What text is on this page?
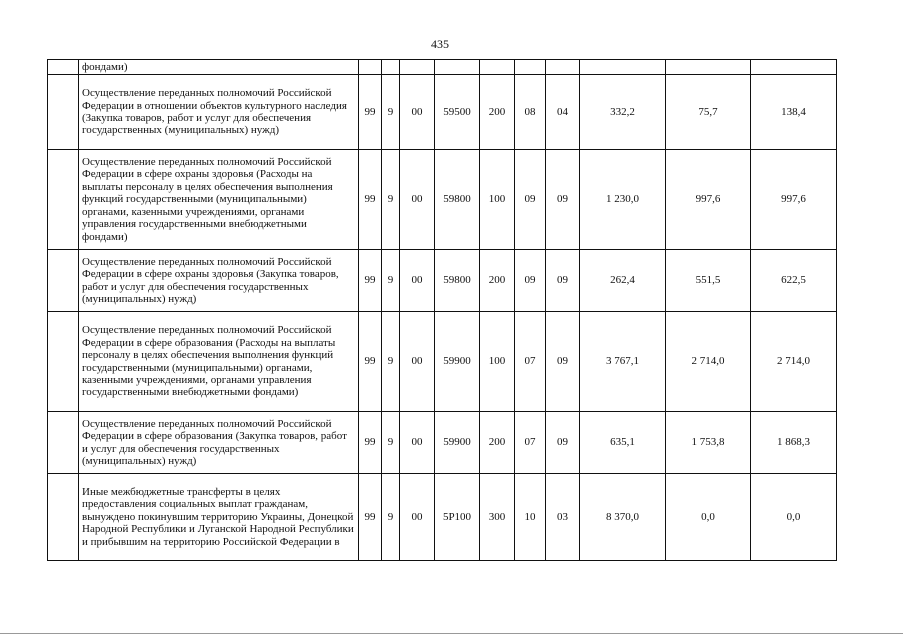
435
	фондами)										
	Осуществление переданных полномочий Российской Федерации в отношении объектов культурного наследия (Закупка товаров, работ и услуг для обеспечения государственных (муниципальных) нужд)	99	9	00	59500	200	08	04	332,2	75,7	138,4
	Осуществление переданных полномочий Российской Федерации в сфере охраны здоровья (Расходы на выплаты персоналу в целях обеспечения выполнения функций государственными (муниципальными) органами, казенными учреждениями, органами управления государственными внебюджетными фондами)	99	9	00	59800	100	09	09	1 230,0	997,6	997,6
	Осуществление переданных полномочий Российской Федерации в сфере охраны здоровья (Закупка товаров, работ и услуг для обеспечения государственных (муниципальных) нужд)	99	9	00	59800	200	09	09	262,4	551,5	622,5
	Осуществление переданных полномочий Российской Федерации в сфере образования (Расходы на выплаты персоналу в целях обеспечения выполнения функций государственными (муниципальными) органами, казенными учреждениями, органами управления государственными внебюджетными фондами)	99	9	00	59900	100	07	09	3 767,1	2 714,0	2 714,0
	Осуществление переданных полномочий Российской Федерации в сфере образования (Закупка товаров, работ и услуг для обеспечения государственных (муниципальных) нужд)	99	9	00	59900	200	07	09	635,1	1 753,8	1 868,3
	Иные межбюджетные трансферты в целях предоставления социальных выплат гражданам, вынуждено покинувшим территорию Украины, Донецкой Народной Республики и Луганской Народной Республики и прибывшим на территорию Российской Федерации в	99	9	00	5P100	300	10	03	8 370,0	0,0	0,0
